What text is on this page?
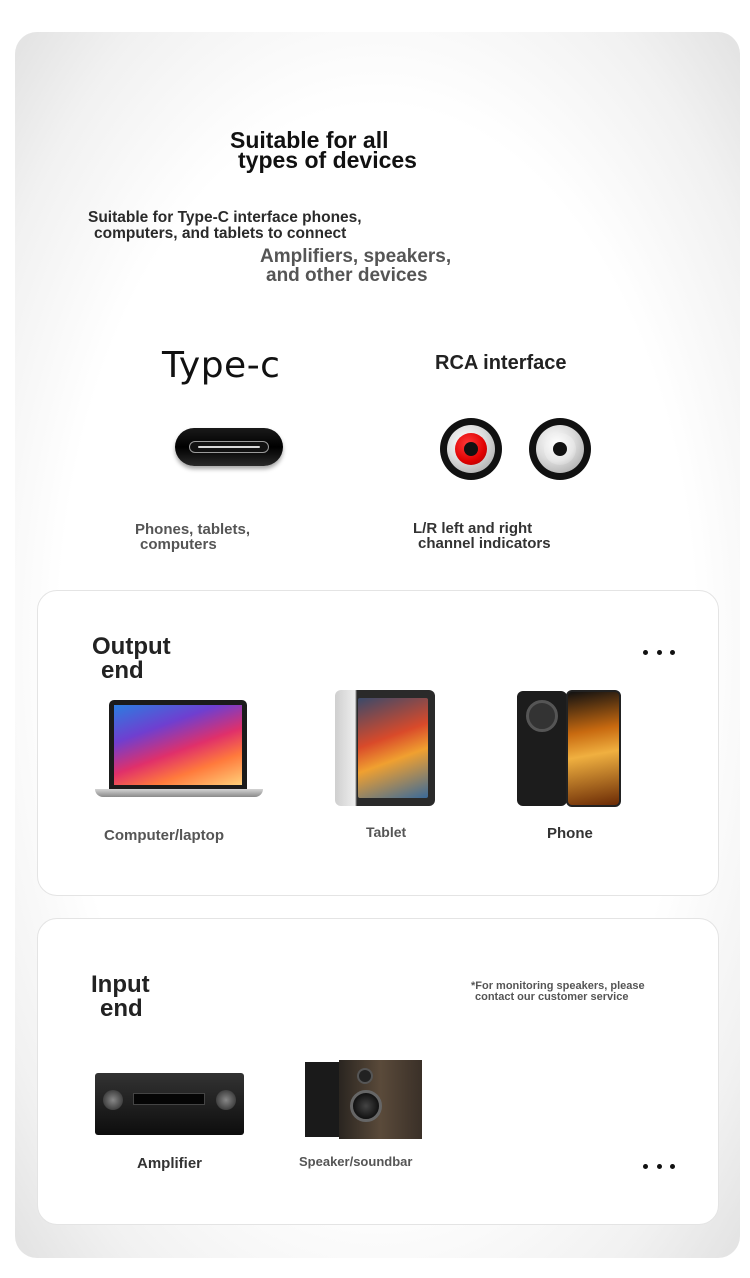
Suitable for all
types of devices
Suitable for Type-C interface phones,
computers, and tablets to connect
Amplifiers, speakers,
and other devices
Type-c	RCA interface
Phones, tablets,
computers
L/R left and right
channel indicators
Output
end
Computer/laptop	Tablet	Phone
Input
end
*For monitoring speakers, please
contact our customer service
Amplifier	Speaker/soundbar
